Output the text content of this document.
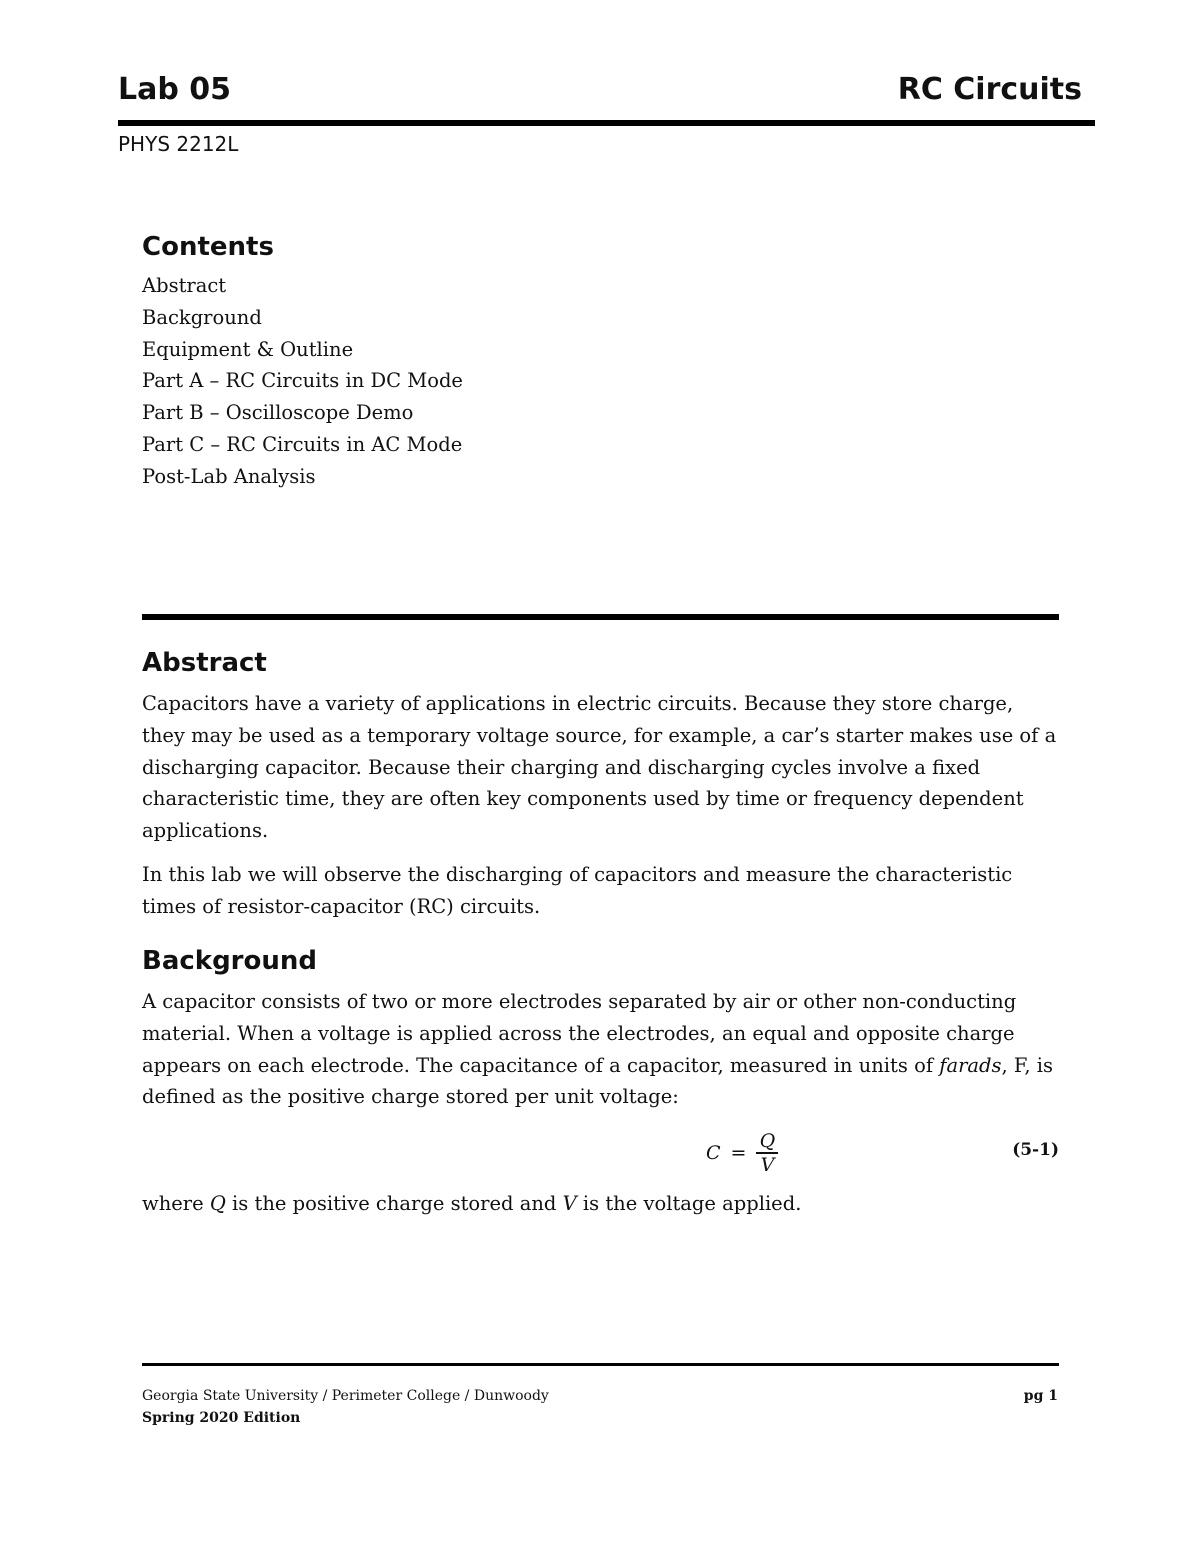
Lab 05	RC Circuits
PHYS 2212L
Contents
Abstract
Background
Equipment & Outline
Part A – RC Circuits in DC Mode
Part B – Oscilloscope Demo
Part C – RC Circuits in AC Mode
Post-Lab Analysis
Abstract

Capacitors have a variety of applications in electric circuits. Because they store charge, they may be used as a temporary voltage source, for example, a car’s starter makes use of a discharging capacitor. Because their charging and discharging cycles involve a fixed characteristic time, they are often key components used by time or frequency dependent applications.

In this lab we will observe the discharging of capacitors and measure the characteristic times of resistor-capacitor (RC) circuits.

Background

A capacitor consists of two or more electrodes separated by air or other non-conducting material. When a voltage is applied across the electrodes, an equal and opposite charge appears on each electrode. The capacitance of a capacitor, measured in units of farads, F, is defined as the positive charge stored per unit voltage:

$C = \frac{Q}{V}$	(5-1)

where Q is the positive charge stored and V is the voltage applied.

Georgia State University / Perimeter College / Dunwoody
Spring 2020 Edition
pg 1
